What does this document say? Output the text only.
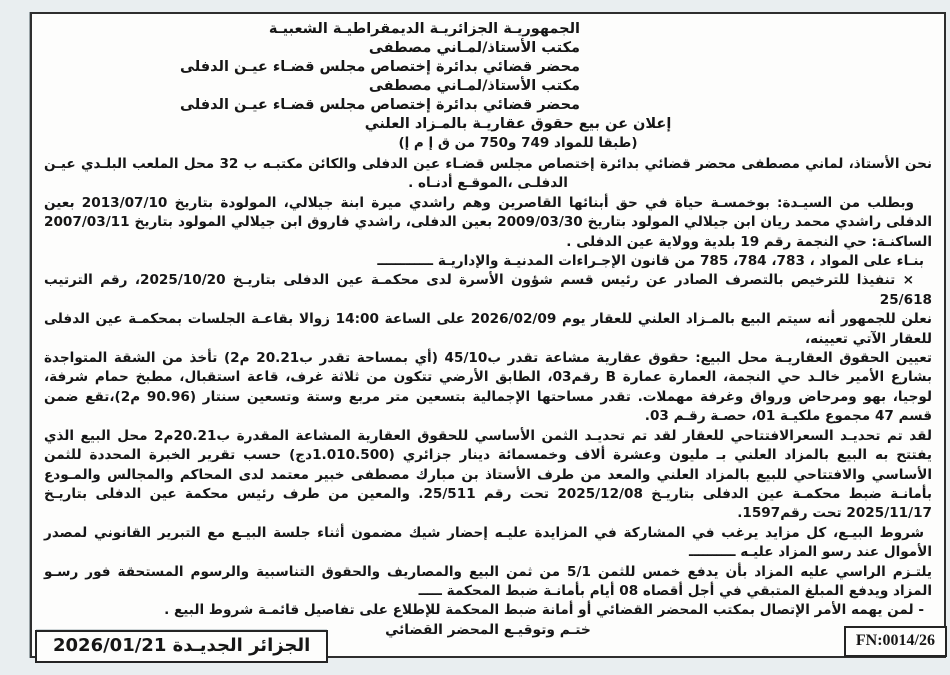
الجمهوريـة الجزائريـة الديمقراطيـة الشعبيـة
مكتب الأستاذ/لمـاني مصطفى
محضر قضائي بدائرة إختصاص مجلس قضـاء عيـن الدفلى
مكتب الأستاذ/لمـاني مصطفى
محضر قضائي بدائرة إختصاص مجلس قضـاء عيـن الدفلى
إعلان عن بيع حقوق عقاريـة بالمـزاد العلني
(طبقا للمواد 749 و750 من ق إ م إ)
نحن الأستاذ، لماني مصطفى محضر قضائي بدائرة إختصاص مجلس قضـاء عين الدفلى والكائن مكتبـه ب 32 محل الملعب البلـدي عيـن الدفلـى ،الموقـع أدنـاه .
وبطلب من السيـدة: بوخمسـة حياة في حق أبنائها القاصرين وهم راشدي ميرة ابنة جيلالي، المولودة بتاريخ 2013/07/10 بعين الدفلى راشدي محمد ريان ابن جيلالي المولود بتاريخ 2009/03/30 بعين الدفلى، راشدي فاروق ابن جيلالي المولود بتاريخ 2007/03/11 الساكنـة: حي النجمة رقم 19 بلدية وولاية عين الدفلى .
بنـاء على المواد ، 783، 784، 785 من قانون الإجـراءات المدنيـة والإداريـة ــــــــــــ
× تنفيذا للترخيص بالتصرف الصادر عن رئيس قسم شؤون الأسرة لدى محكمـة عين الدفلى بتاريـخ 2025/10/20، رقم الترتيب 25/618
نعلن للجمهور أنه سيتم البيع بالمـزاد العلني للعقار يوم 2026/02/09 على الساعة 14:00 زوالا بقاعـة الجلسات بمحكمـة عين الدفلى للعقار الآتي تعيينه،
تعيين الحقوق العقاريـة محل البيع: حقوق عقارية مشاعة تقدر ب45/10 (أي بمساحة تقدر ب20.21 م2) تأخذ من الشقة المتواجدة بشارع الأمير خالـد حي النجمة، العمارة عمارة B رقم03، الطابق الأرضي تتكون من ثلاثة غرف، قاعة استقبال، مطبخ حمام شرفة، لوجيا، بهو ومرحاض ورواق وغرفة مهملات. تقدر مساحتها الإجمالية بتسعين متر مربع وستة وتسعين سنتار (90.96 م2)،تقع ضمن قسم 47 مجموع ملكيـة 01، حصـة رقـم 03.
لقد تم تحديـد السعرالافتتاحي للعقار لقد تم تحديـد الثمن الأساسي للحقوق العقارية المشاعة المقدرة ب20.21م2 محل البيع الذي يفتتح به البيع بالمزاد العلني بـ مليون وعشرة ألاف وخمسمائة دينار جزائري (1.010.500دج) حسب تقرير الخبرة المحددة للثمن الأساسي والافتتاحي للبيع بالمزاد العلني والمعد من طرف الأستاذ بن مبارك مصطفى خبير معتمد لدى المحاكم والمجالس والمـودع بأمانـة ضبط محكمـة عين الدفلى بتاريـخ 2025/12/08 تحت رقم 25/511. والمعين من طرف رئيس محكمة عين الدفلى بتاريـخ 2025/11/17 تحت رقم1597.
شروط البيـع، كل مزايد يرغب في المشاركة في المزايدة عليـه إحضار شيك مضمون أثناء جلسة البيـع مع التبرير القانوني لمصدر الأموال عند رسو المزاد عليـه ــــــــــ
يلتـزم الراسي عليه المزاد بأن يدفع خمس للثمن 5/1 من ثمن البيع والمصاريف والحقوق التناسبية والرسوم المستحقة فور رسـو المزاد ويدفع المبلغ المتبقي في أجل أقصاه 08 أيام بأمانـة ضبط المحكمة ـــــ
- لمن يهمه الأمر الإتصال بمكتب المحضر القضائي أو أمانة ضبط المحكمة للإطلاع على تفاصيل قائمـة شروط البيع .
ختـم وتوقيـع المحضر القضائي
الجزائر الجديـدة 2026/01/21	FN:0014/26
